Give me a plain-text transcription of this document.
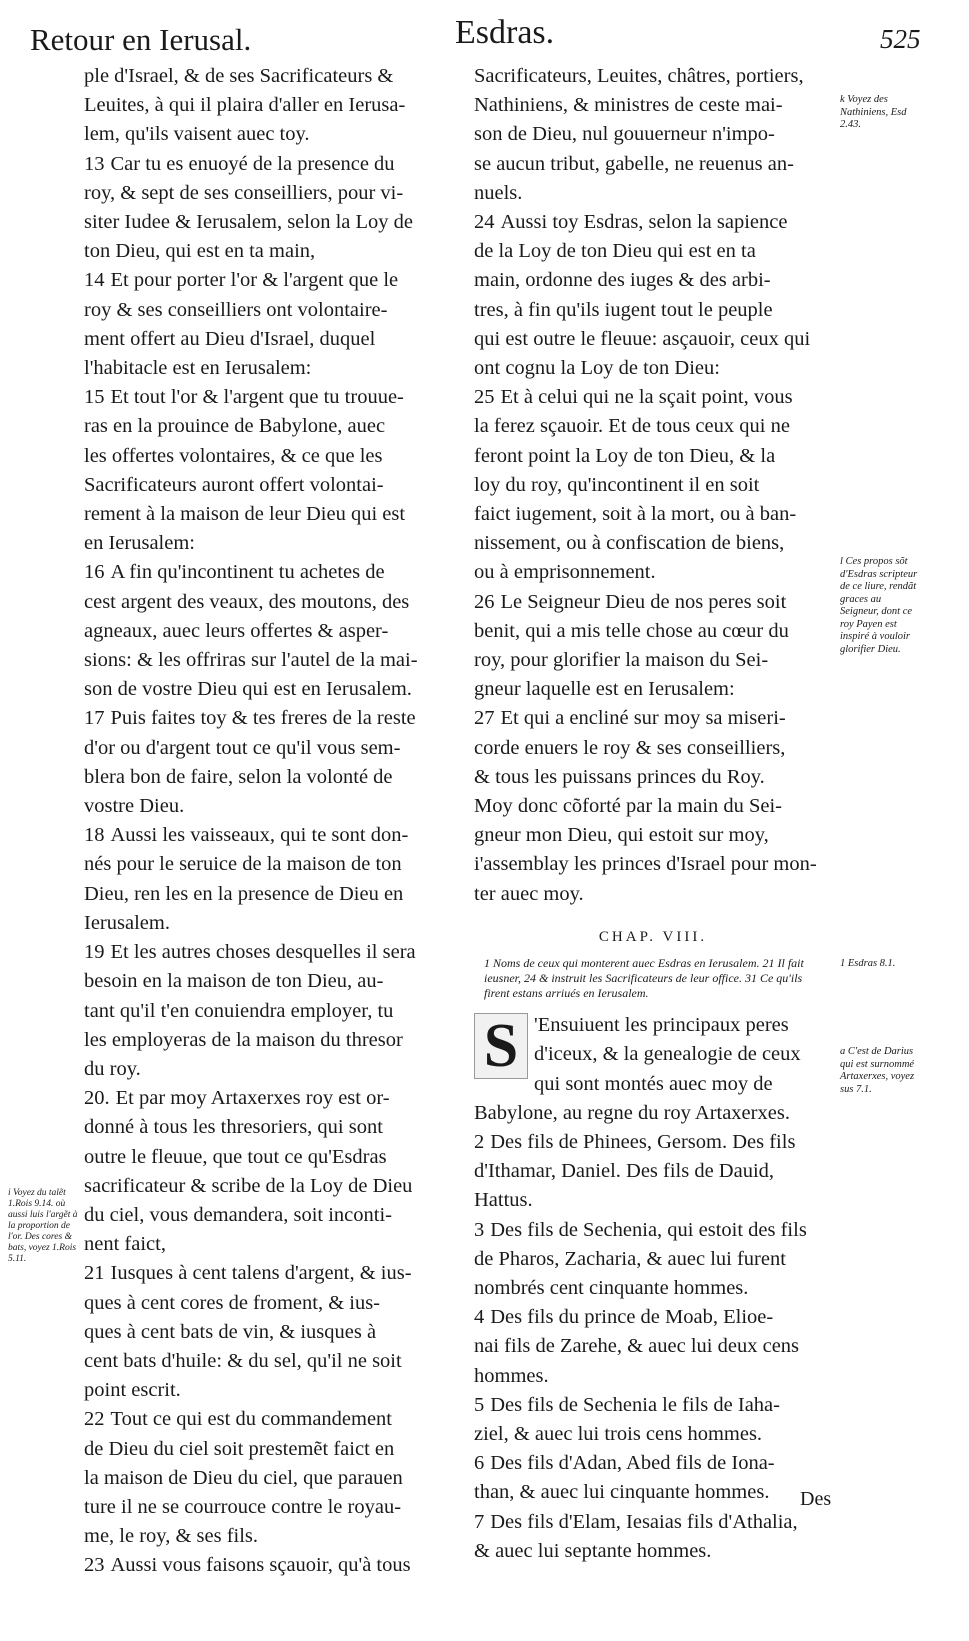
Retour en Ierusal.	Esdras.	525
ple d'Israel, & de ses Sacrificateurs &
Leuites, à qui il plaira d'aller en Ierusa-
lem, qu'ils vaisent auec toy.
13 Car tu es enuoyé de la presence du
roy, & sept de ses conseilliers, pour vi-
siter Iudee & Ierusalem, selon la Loy de
ton Dieu, qui est en ta main,
14 Et pour porter l'or & l'argent que le
roy & ses conseilliers ont volontaire-
ment offert au Dieu d'Israel, duquel
l'habitacle est en Ierusalem:
15 Et tout l'or & l'argent que tu trouue-
ras en la prouince de Babylone, auec
les offertes volontaires, & ce que les
Sacrificateurs auront offert volontai-
rement à la maison de leur Dieu qui est
en Ierusalem:
16 A fin qu'incontinent tu achetes de
cest argent des veaux, des moutons, des
agneaux, auec leurs offertes & asper-
sions: & les offriras sur l'autel de la mai-
son de vostre Dieu qui est en Ierusalem.
17 Puis faites toy & tes freres de la reste
d'or ou d'argent tout ce qu'il vous sem-
blera bon de faire, selon la volonté de
vostre Dieu.
18 Aussi les vaisseaux, qui te sont don-
nés pour le seruice de la maison de ton
Dieu, ren les en la presence de Dieu en
Ierusalem.
19 Et les autres choses desquelles il sera
besoin en la maison de ton Dieu, au-
tant qu'il t'en conuiendra employer, tu
les employeras de la maison du thresor
du roy.
20. Et par moy Artaxerxes roy est or-
donné à tous les thresoriers, qui sont
outre le fleuue, que tout ce qu'Esdras
sacrificateur & scribe de la Loy de Dieu
du ciel, vous demandera, soit inconti-
nent faict,
21 Iusques à cent talens d'argent, & ius-
ques à cent cores de froment, & ius-
ques à cent bats de vin, & iusques à
cent bats d'huile: & du sel, qu'il ne soit
point escrit.
22 Tout ce qui est du commandement
de Dieu du ciel soit prestemẽt faict en
la maison de Dieu du ciel, que parauen
ture il ne se courrouce contre le royau-
me, le roy, & ses fils.
23 Aussi vous faisons sçauoir, qu'à tous
Sacrificateurs, Leuites, châtres, portiers,
Nathiniens, & ministres de ceste mai-
son de Dieu, nul gouuerneur n'impo-
se aucun tribut, gabelle, ne reuenus an-
nuels.
24 Aussi toy Esdras, selon la sapience
de la Loy de ton Dieu qui est en ta
main, ordonne des iuges & des arbi-
tres, à fin qu'ils iugent tout le peuple
qui est outre le fleuue: asçauoir, ceux qui
ont cognu la Loy de ton Dieu:
25 Et à celui qui ne la sçait point, vous
la ferez sçauoir. Et de tous ceux qui ne
feront point la Loy de ton Dieu, & la
loy du roy, qu'incontinent il en soit
faict iugement, soit à la mort, ou à ban-
nissement, ou à confiscation de biens,
ou à emprisonnement.
26 Le Seigneur Dieu de nos peres soit
benit, qui a mis telle chose au cœur du
roy, pour glorifier la maison du Sei-
gneur laquelle est en Ierusalem:
27 Et qui a encliné sur moy sa miseri-
corde enuers le roy & ses conseilliers,
& tous les puissans princes du Roy.
Moy donc cõforté par la main du Sei-
gneur mon Dieu, qui estoit sur moy,
i'assemblay les princes d'Israel pour mon-
ter auec moy.
CHAP. VIII.
1 Noms de ceux qui monterent auec Esdras en Ierusalem. 21 Il fait ieusner, 24 & instruit les Sacrificateurs de leur office. 31 Ce qu'ils firent estans arriués en Ierusalem.
S 'Ensuiuent les principaux peres
d'iceux, & la genealogie de ceux
qui sont montés auec moy de
Babylone, au regne du roy Artaxerxes.
2 Des fils de Phinees, Gersom. Des fils
d'Ithamar, Daniel. Des fils de Dauid,
Hattus.
3 Des fils de Sechenia, qui estoit des fils
de Pharos, Zacharia, & auec lui furent
nombrés cent cinquante hommes.
4 Des fils du prince de Moab, Elioe-
nai fils de Zarehe, & auec lui deux cens
hommes.
5 Des fils de Sechenia le fils de Iaha-
ziel, & auec lui trois cens hommes.
6 Des fils d'Adan, Abed fils de Iona-
than, & auec lui cinquante hommes.
7 Des fils d'Elam, Iesaias fils d'Athalia,
& auec lui septante hommes.
k Voyez des Nathiniens, Esd 2.43.
l Ces propos sõt d'Esdras scripteur de ce liure, rendãt graces au Seigneur, dont ce roy Payen est inspiré à vouloir glorifier Dieu.
1 Esdras 8.1.
a C'est de Darius qui est surnommé Artaxerxes, voyez sus 7.1.
i Voyez du talẽt 1.Rois 9.14. où aussi luis l'argẽt à la proportion de l'or. Des cores & bats, voyez 1.Rois 5.11.
Des
